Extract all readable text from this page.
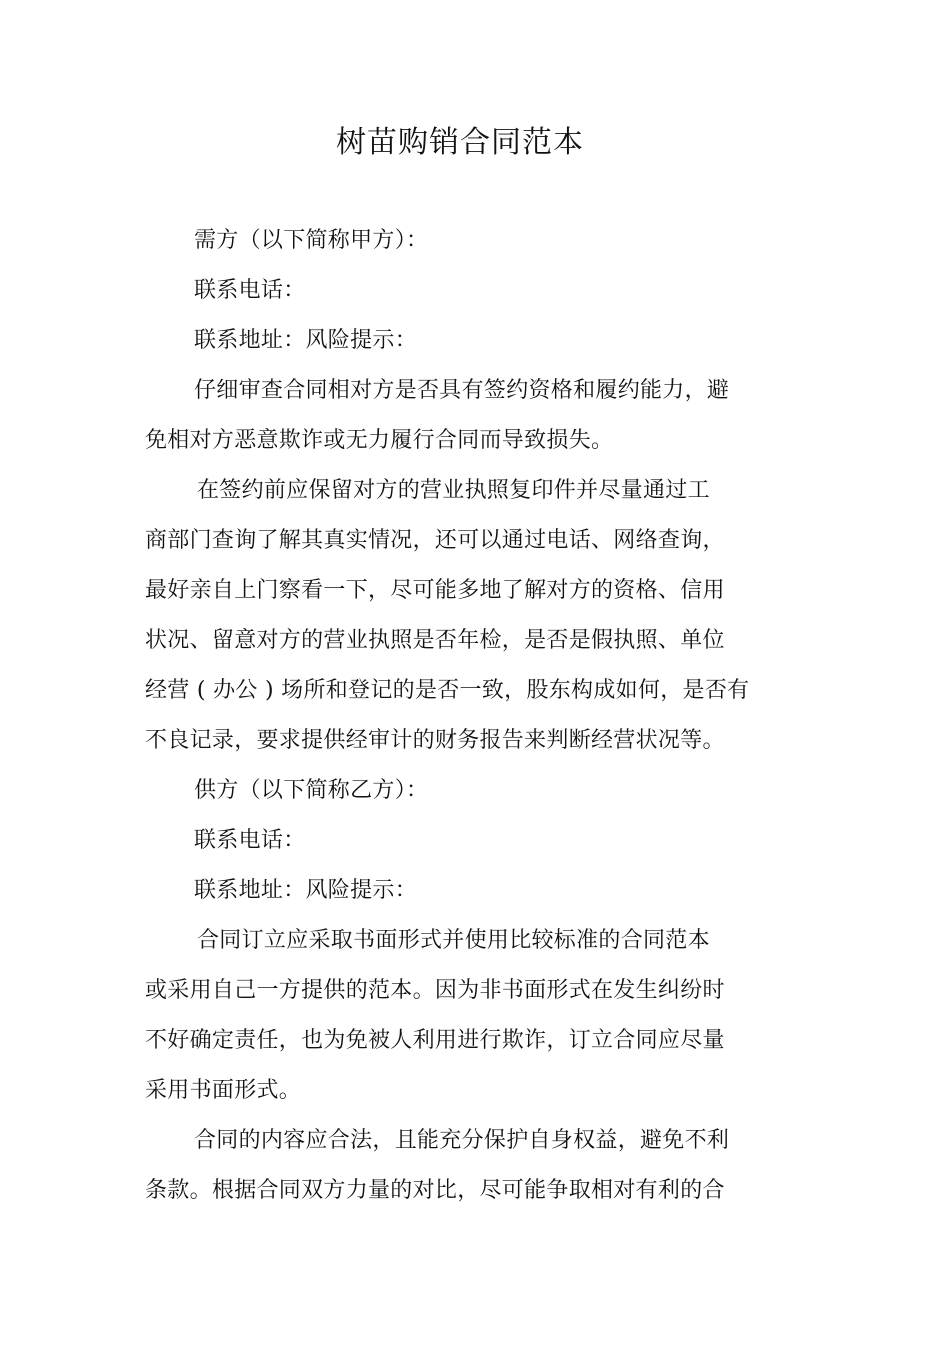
树苗购销合同范本
需方（以下简称甲方）：
联系电话：
联系地址：风险提示：
仔细审查合同相对方是否具有签约资格和履约能力，避
免相对方恶意欺诈或无力履行合同而导致损失。
在签约前应保留对方的营业执照复印件并尽量通过工
商部门查询了解其真实情况，还可以通过电话、网络查询，
最好亲自上门察看一下，尽可能多地了解对方的资格、信用
状况、留意对方的营业执照是否年检，是否是假执照、单位
经营 ( 办公 ) 场所和登记的是否一致，股东构成如何，是否有
不良记录，要求提供经审计的财务报告来判断经营状况等。
供方（以下简称乙方）：
联系电话：
联系地址：风险提示：
合同订立应采取书面形式并使用比较标准的合同范本
或采用自己一方提供的范本。因为非书面形式在发生纠纷时
不好确定责任，也为免被人利用进行欺诈，订立合同应尽量
采用书面形式。
合同的内容应合法，且能充分保护自身权益，避免不利
条款。根据合同双方力量的对比，尽可能争取相对有利的合
